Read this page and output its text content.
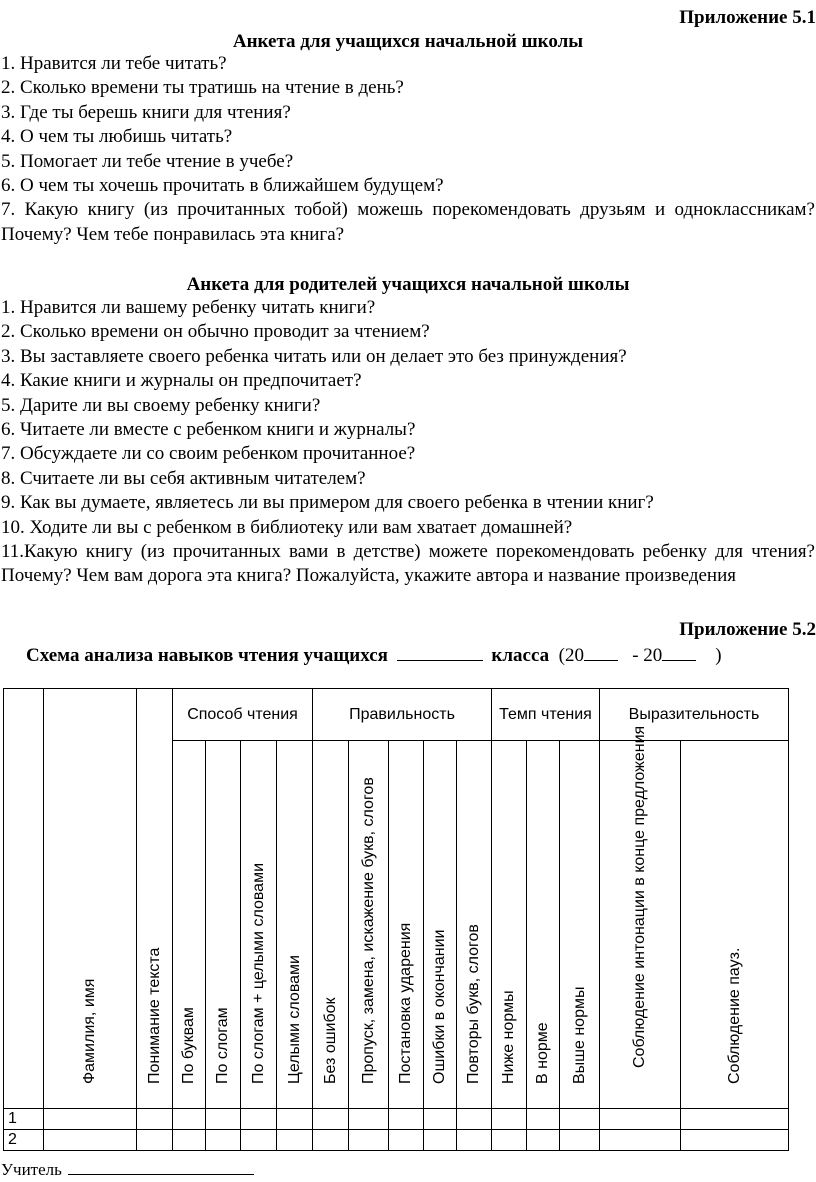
Приложение 5.1
Анкета для учащихся начальной школы

1. Нравится ли тебе читать?

2. Сколько времени ты тратишь на чтение в день?

3. Где ты берешь книги для чтения?

4. О чем ты любишь читать?

5. Помогает ли тебе чтение в учебе?

6. О чем ты хочешь прочитать в ближайшем будущем?

7. Какую книгу (из прочитанных тобой) можешь порекомендовать друзьям и одноклассникам? Почему? Чем тебе понравилась эта книга?

Анкета для родителей учащихся начальной школы

1. Нравится ли вашему ребенку читать книги?

2. Сколько времени он обычно проводит за чтением?

3. Вы заставляете своего ребенка читать или он делает это без принуждения?

4. Какие книги и журналы он предпочитает?

5. Дарите ли вы своему ребенку книги?

6. Читаете ли вместе с ребенком книги и журналы?

7. Обсуждаете ли со своим ребенком прочитанное?

8. Считаете ли вы себя активным читателем?

9. Как вы думаете, являетесь ли вы примером для своего ребенка в чтении книг?

10. Ходите ли вы с ребенком в библиотеку или вам хватает домашней?

11.Какую книгу (из прочитанных вами в детстве) можете порекомендовать ребенку для чтения? Почему? Чем вам дорога эта книга? Пожалуйста, укажите автора и название произведения

Приложение 5.2
Схема анализа навыков чтения учащихся	класса (20	- 20	)

	Фамилия, имя	Понимание текста	Способ чтения				Правильность					Темп чтения			Выразительность	

			По буквам	По слогам	По слогам + целыми словами	Целыми словами	Без ошибок	Пропуск, замена, искажение букв, слогов	Постановка ударения	Ошибки в окончании	Повторы букв, слогов	Ниже нормы	В норме	Выше нормы	Соблюдение интонации в конце предложения	Соблюдение пауз.

1																
2																
Учитель
